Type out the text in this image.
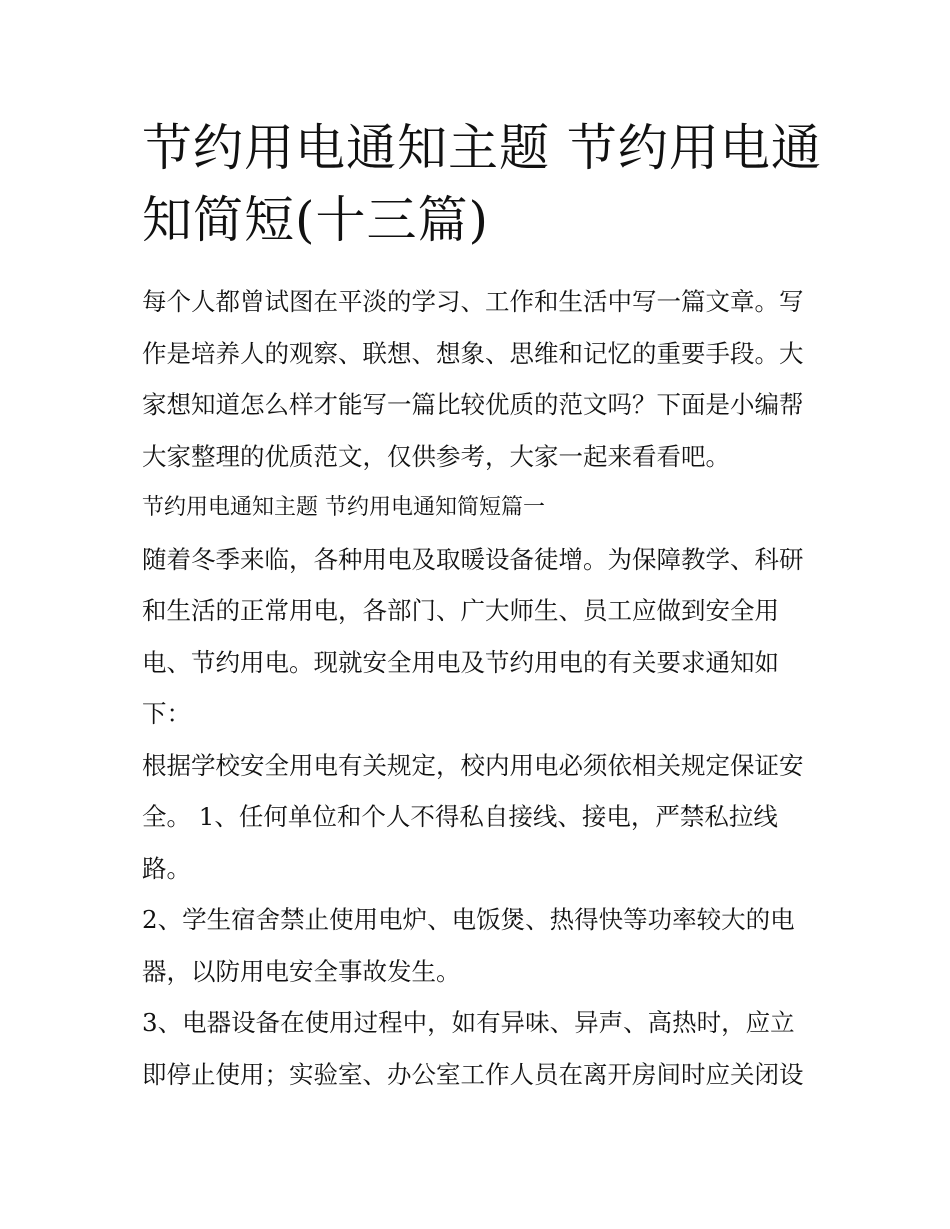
节约用电通知主题 节约用电通知简短(十三篇)

每个人都曾试图在平淡的学习、工作和生活中写一篇文章。写作是培养人的观察、联想、想象、思维和记忆的重要手段。大家想知道怎么样才能写一篇比较优质的范文吗？下面是小编帮大家整理的优质范文，仅供参考，大家一起来看看吧。

节约用电通知主题 节约用电通知简短篇一

随着冬季来临，各种用电及取暖设备徒增。为保障教学、科研和生活的正常用电，各部门、广大师生、员工应做到安全用电、节约用电。现就安全用电及节约用电的有关要求通知如下：

根据学校安全用电有关规定，校内用电必须依相关规定保证安全。 1、任何单位和个人不得私自接线、接电，严禁私拉线路。

2、学生宿舍禁止使用电炉、电饭煲、热得快等功率较大的电器，以防用电安全事故发生。

3、电器设备在使用过程中，如有异味、异声、高热时，应立即停止使用；实验室、办公室工作人员在离开房间时应关闭设
